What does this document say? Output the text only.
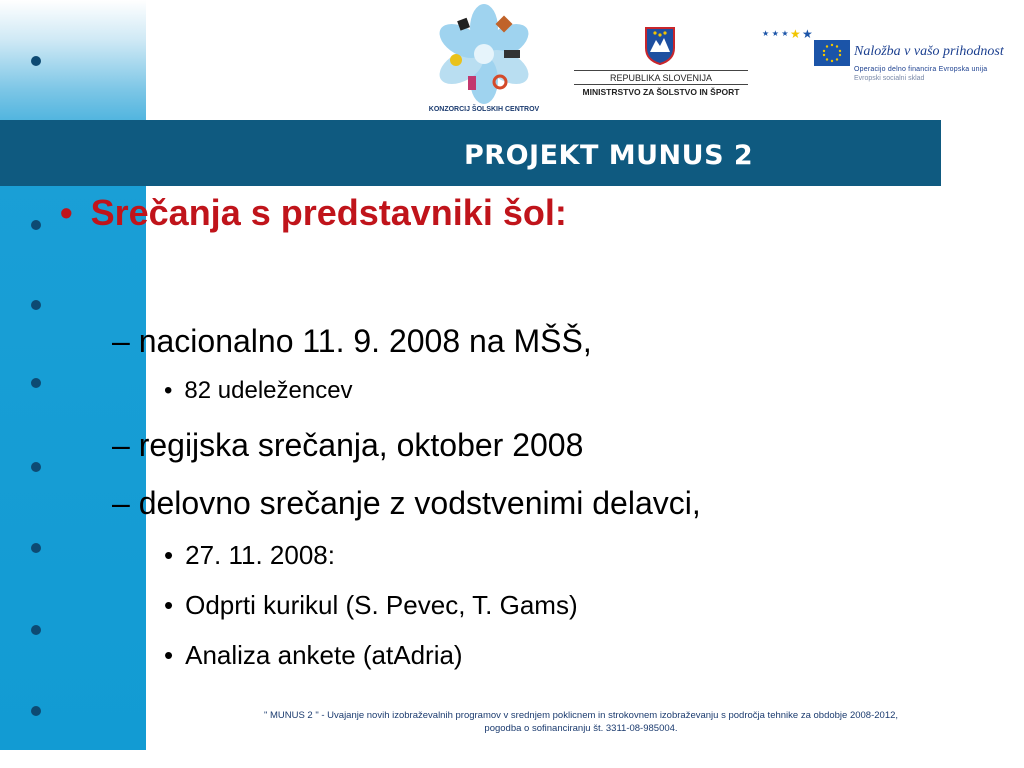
KONZORCIJ ŠOLSKIH CENTROV
REPUBLIKA SLOVENIJA
MINISTRSTVO ZA ŠOLSTVO IN ŠPORT
★ ★ ★ ★ ★
Naložba v vašo prihodnost
Operacijo delno financira Evropska unija
Evropski socialni sklad
PROJEKT MUNUS 2
• Srečanja s predstavniki šol:
– nacionalno 11. 9. 2008 na MŠŠ,
• 82 udeležencev
– regijska srečanja, oktober 2008
– delovno srečanje z vodstvenimi delavci,
• 27. 11. 2008:
• Odprti kurikul (S. Pevec, T. Gams)
• Analiza ankete (atAdria)
" MUNUS 2 " - Uvajanje novih izobraževalnih programov v srednjem poklicnem in strokovnem izobraževanju s področja tehnike za obdobje 2008-2012,
pogodba o sofinanciranju št. 3311-08-985004.
